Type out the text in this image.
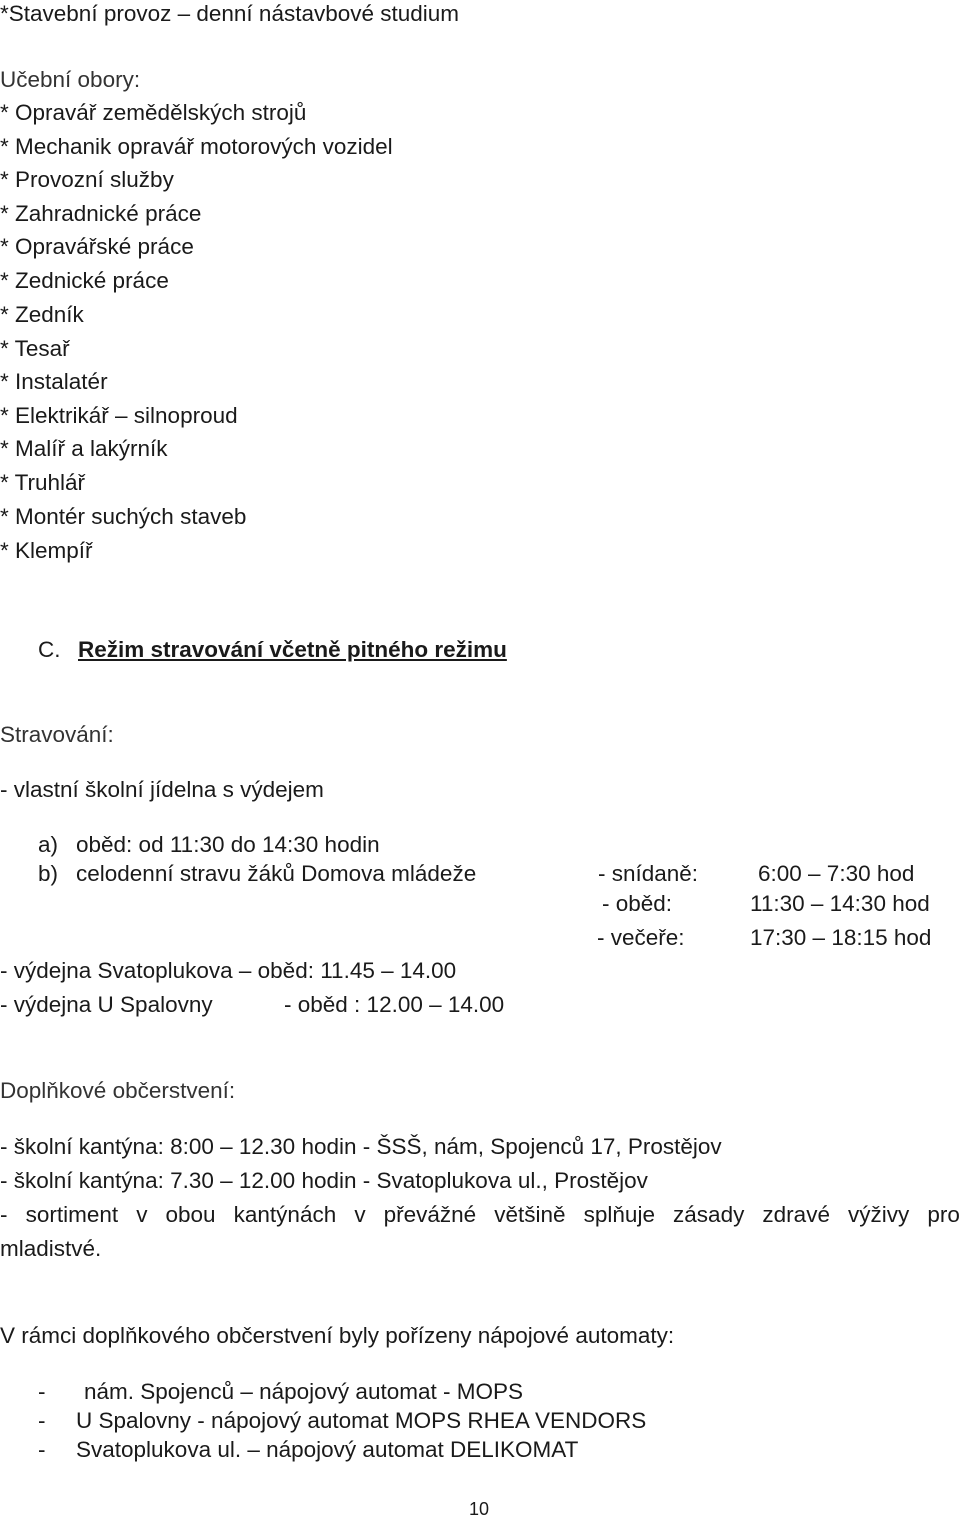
*Stavební provoz – denní nástavbové studium
Učební obory:
* Opravář zemědělských strojů
* Mechanik opravář motorových vozidel
* Provozní služby
* Zahradnické práce
* Opravářské práce
* Zednické práce
* Zedník
* Tesař
* Instalatér
* Elektrikář – silnoproud
* Malíř a lakýrník
* Truhlář
* Montér suchých staveb
* Klempíř
C. Režim stravování včetně pitného režimu
Stravování:
- vlastní školní jídelna s výdejem
a) oběd: od 11:30 do 14:30 hodin
b) celodenní stravu žáků Domova mládeže	- snídaně:	6:00 – 7:30 hod
- oběd:	11:30 – 14:30 hod
- večeře:	17:30 – 18:15 hod
- výdejna Svatoplukova – oběd: 11.45 – 14.00
- výdejna U Spalovny	- oběd : 12.00 – 14.00
Doplňkové občerstvení:
- školní kantýna: 8:00 – 12.30 hodin - ŠSŠ, nám, Spojenců 17, Prostějov
- školní kantýna: 7.30 – 12.00 hodin - Svatoplukova ul., Prostějov
- sortiment v obou kantýnách v převážné většině splňuje zásady zdravé výživy pro
mladistvé.
V rámci doplňkového občerstvení byly pořízeny nápojové automaty:
- nám. Spojenců – nápojový automat - MOPS
- U Spalovny - nápojový automat MOPS RHEA VENDORS
- Svatoplukova ul. – nápojový automat DELIKOMAT
10
